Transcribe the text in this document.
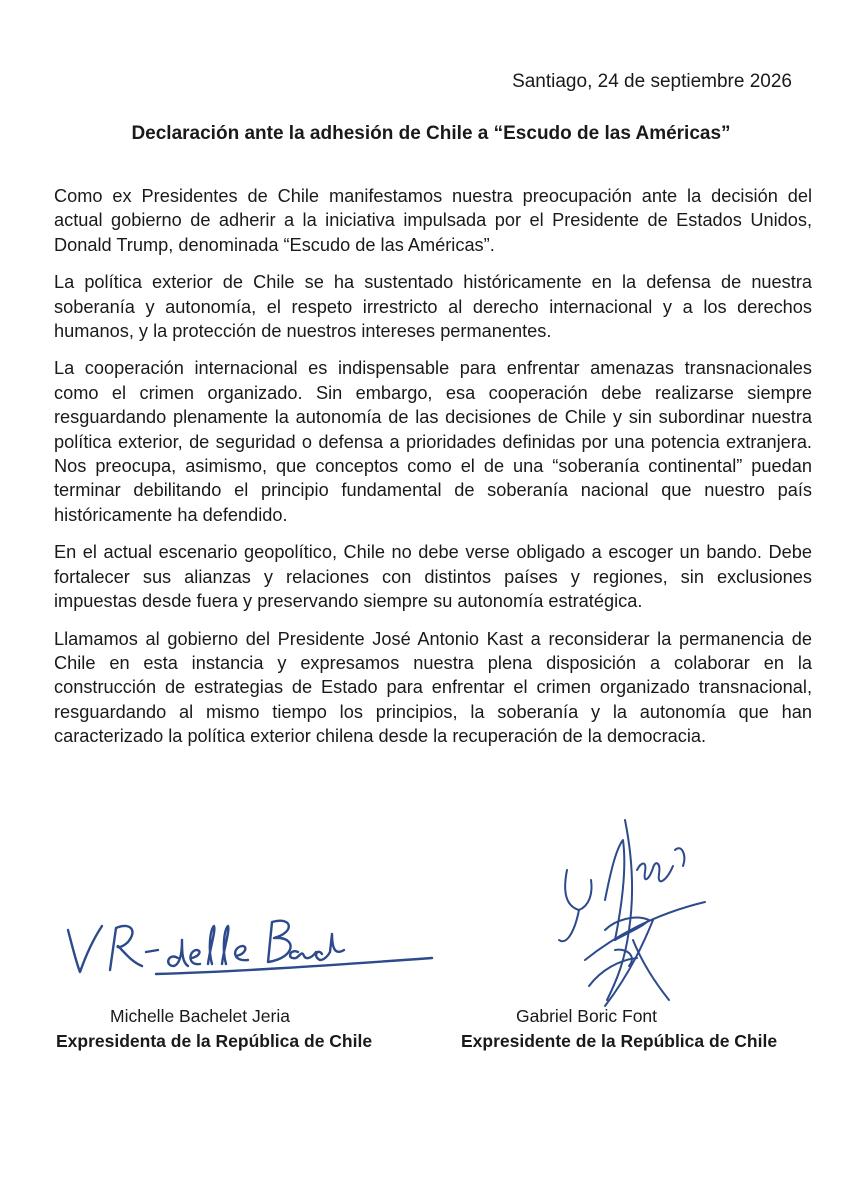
Santiago, 24 de septiembre 2026
Declaración ante la adhesión de Chile a “Escudo de las Américas”

Como ex Presidentes de Chile manifestamos nuestra preocupación ante la decisión del actual gobierno de adherir a la iniciativa impulsada por el Presidente de Estados Unidos, Donald Trump, denominada “Escudo de las Américas”.

La política exterior de Chile se ha sustentado históricamente en la defensa de nuestra soberanía y autonomía, el respeto irrestricto al derecho internacional y a los derechos humanos, y la protección de nuestros intereses permanentes.

La cooperación internacional es indispensable para enfrentar amenazas transnacionales como el crimen organizado. Sin embargo, esa cooperación debe realizarse siempre resguardando plenamente la autonomía de las decisiones de Chile y sin subordinar nuestra política exterior, de seguridad o defensa a prioridades definidas por una potencia extranjera. Nos preocupa, asimismo, que conceptos como el de una “soberanía continental” puedan terminar debilitando el principio fundamental de soberanía nacional que nuestro país históricamente ha defendido.

En el actual escenario geopolítico, Chile no debe verse obligado a escoger un bando. Debe fortalecer sus alianzas y relaciones con distintos países y regiones, sin exclusiones impuestas desde fuera y preservando siempre su autonomía estratégica.

Llamamos al gobierno del Presidente José Antonio Kast a reconsiderar la permanencia de Chile en esta instancia y expresamos nuestra plena disposición a colaborar en la construcción de estrategias de Estado para enfrentar el crimen organizado transnacional, resguardando al mismo tiempo los principios, la soberanía y la autonomía que han caracterizado la política exterior chilena desde la recuperación de la democracia.

Michelle Bachelet Jeria
Expresidenta de la República de Chile
Gabriel Boric Font
Expresidente de la República de Chile
